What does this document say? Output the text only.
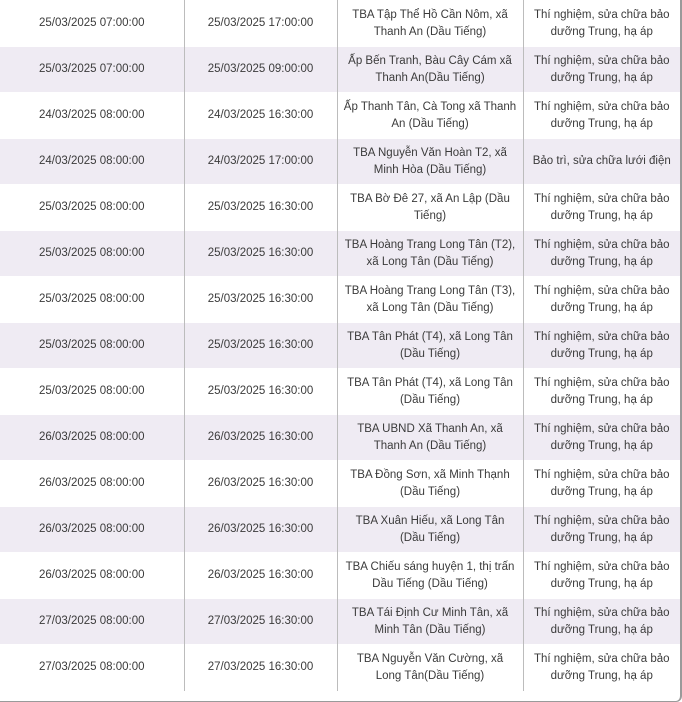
25/03/2025 07:00:00	25/03/2025 17:00:00	TBA Tập Thể Hồ Cần Nôm, xã Thanh An (Dầu Tiếng)	Thí nghiệm, sửa chữa bảo dưỡng Trung, hạ áp
25/03/2025 07:00:00	25/03/2025 09:00:00	Ấp Bến Tranh, Bàu Cây Cám xã Thanh An(Dầu Tiếng)	Thí nghiệm, sửa chữa bảo dưỡng Trung, hạ áp
24/03/2025 08:00:00	24/03/2025 16:30:00	Ấp Thanh Tân, Cà Tong xã Thanh An (Dầu Tiếng)	Thí nghiệm, sửa chữa bảo dưỡng Trung, hạ áp
24/03/2025 08:00:00	24/03/2025 17:00:00	TBA Nguyễn Văn Hoàn T2, xã Minh Hòa (Dầu Tiếng)	Bảo trì, sửa chữa lưới điện
25/03/2025 08:00:00	25/03/2025 16:30:00	TBA Bờ Đê 27, xã An Lập (Dầu Tiếng)	Thí nghiệm, sửa chữa bảo dưỡng Trung, hạ áp
25/03/2025 08:00:00	25/03/2025 16:30:00	TBA Hoàng Trang Long Tân (T2), xã Long Tân (Dầu Tiếng)	Thí nghiệm, sửa chữa bảo dưỡng Trung, hạ áp
25/03/2025 08:00:00	25/03/2025 16:30:00	TBA Hoàng Trang Long Tân (T3), xã Long Tân (Dầu Tiếng)	Thí nghiệm, sửa chữa bảo dưỡng Trung, hạ áp
25/03/2025 08:00:00	25/03/2025 16:30:00	TBA Tân Phát (T4), xã Long Tân (Dầu Tiếng)	Thí nghiệm, sửa chữa bảo dưỡng Trung, hạ áp
25/03/2025 08:00:00	25/03/2025 16:30:00	TBA Tân Phát (T4), xã Long Tân (Dầu Tiếng)	Thí nghiệm, sửa chữa bảo dưỡng Trung, hạ áp
26/03/2025 08:00:00	26/03/2025 16:30:00	TBA UBND Xã Thanh An, xã Thanh An (Dầu Tiếng)	Thí nghiệm, sửa chữa bảo dưỡng Trung, hạ áp
26/03/2025 08:00:00	26/03/2025 16:30:00	TBA Đồng Sơn, xã Minh Thạnh (Dầu Tiếng)	Thí nghiệm, sửa chữa bảo dưỡng Trung, hạ áp
26/03/2025 08:00:00	26/03/2025 16:30:00	TBA Xuân Hiếu, xã Long Tân (Dầu Tiếng)	Thí nghiệm, sửa chữa bảo dưỡng Trung, hạ áp
26/03/2025 08:00:00	26/03/2025 16:30:00	TBA Chiếu sáng huyện 1, thị trấn Dầu Tiếng (Dầu Tiếng)	Thí nghiệm, sửa chữa bảo dưỡng Trung, hạ áp
27/03/2025 08:00:00	27/03/2025 16:30:00	TBA Tái Định Cư Minh Tân, xã Minh Tân (Dầu Tiếng)	Thí nghiệm, sửa chữa bảo dưỡng Trung, hạ áp
27/03/2025 08:00:00	27/03/2025 16:30:00	TBA Nguyễn Văn Cường, xã Long Tân(Dầu Tiếng)	Thí nghiệm, sửa chữa bảo dưỡng Trung, hạ áp
